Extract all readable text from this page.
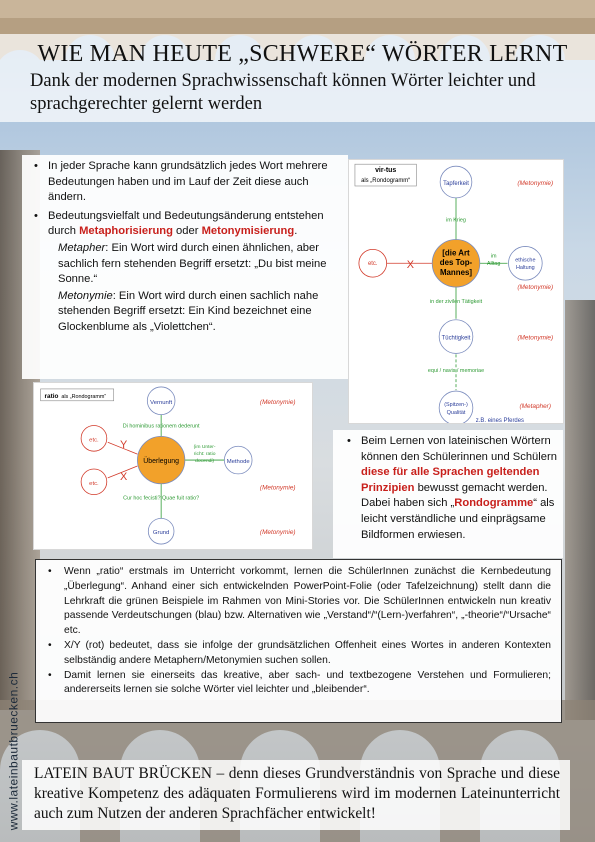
WIE MAN HEUTE „SCHWERE“ WÖRTER LERNT
Dank der modernen Sprachwissenschaft können Wörter leichter und sprachgerechter gelernt werden
• In jeder Sprache kann grundsätzlich jedes Wort mehrere Bedeutungen haben und im Lauf der Zeit diese auch ändern.
• Bedeutungsvielfalt und Bedeutungsänderung entstehen durch Metaphorisierung oder Metonymisierung.
Metapher: Ein Wort wird durch einen ähnlichen, aber sachlich fern stehenden Begriff ersetzt: „Du bist meine Sonne.“
Metonymie: Ein Wort wird durch einen sachlich nahe stehenden Begriff ersetzt: Ein Kind bezeichnet eine Glockenblume als „Violettchen“.
vir-tus
als „Rondogramm“	Tapferkeit	(Metonymie)
im Krieg
[die Art
des Top-
Mannes]
etc.	X
im
Alltag
ethische
Haltung
(Metonymie)
in der zivilen Tätigkeit
Tüchtigkeit	(Metonymie)
equi / navis / memoriae
(Spitzen-)
Qualität
(Metapher)
z.B. eines Pferdes
ratio als „Rondogramm“
Vernunft	(Metonymie)
Di hominibus rationem dederunt
Überlegung
etc.
etc.
Y
X
(im Unter-
richt: ratio
docendi) Methode
(Metonymie)
Cur hoc fecisti? Quae fuit ratio?
Grund	(Metonymie)
• Beim Lernen von lateinischen Wörtern können den Schülerinnen und Schülern diese für alle Sprachen geltenden Prinzipien bewusst gemacht werden. Dabei haben sich „Rondogramme“ als leicht verständliche und einprägsame Bildformen erwiesen.
• Wenn „ratio“ erstmals im Unterricht vorkommt, lernen die SchülerInnen zunächst die Kernbedeutung „Überlegung“. Anhand einer sich entwickelnden PowerPoint-Folie (oder Tafelzeichnung) stellt dann die Lehrkraft die grünen Beispiele im Rahmen von Mini-Stories vor. Die SchülerInnen entwickeln nun kreativ passende Verdeutschungen (blau) bzw. Alternativen wie „Verstand“/“(Lern-)verfahren“, „-theorie“/“Ursache“ etc.
• X/Y (rot) bedeutet, dass sie infolge der grundsätzlichen Offenheit eines Wortes in anderen Kontexten selbständig andere Metaphern/Metonymien suchen sollen.
• Damit lernen sie einerseits das kreative, aber sach- und textbezogene Verstehen und Formulieren; andererseits lernen sie solche Wörter viel leichter und „bleibender“.
LATEIN BAUT BRÜCKEN – denn dieses Grundverständnis von Sprache und diese kreative Kompetenz des adäquaten Formulierens wird im modernen Lateinunterricht auch zum Nutzen der anderen Sprachfächer entwickelt!
www.lateinbautbruecken.ch
